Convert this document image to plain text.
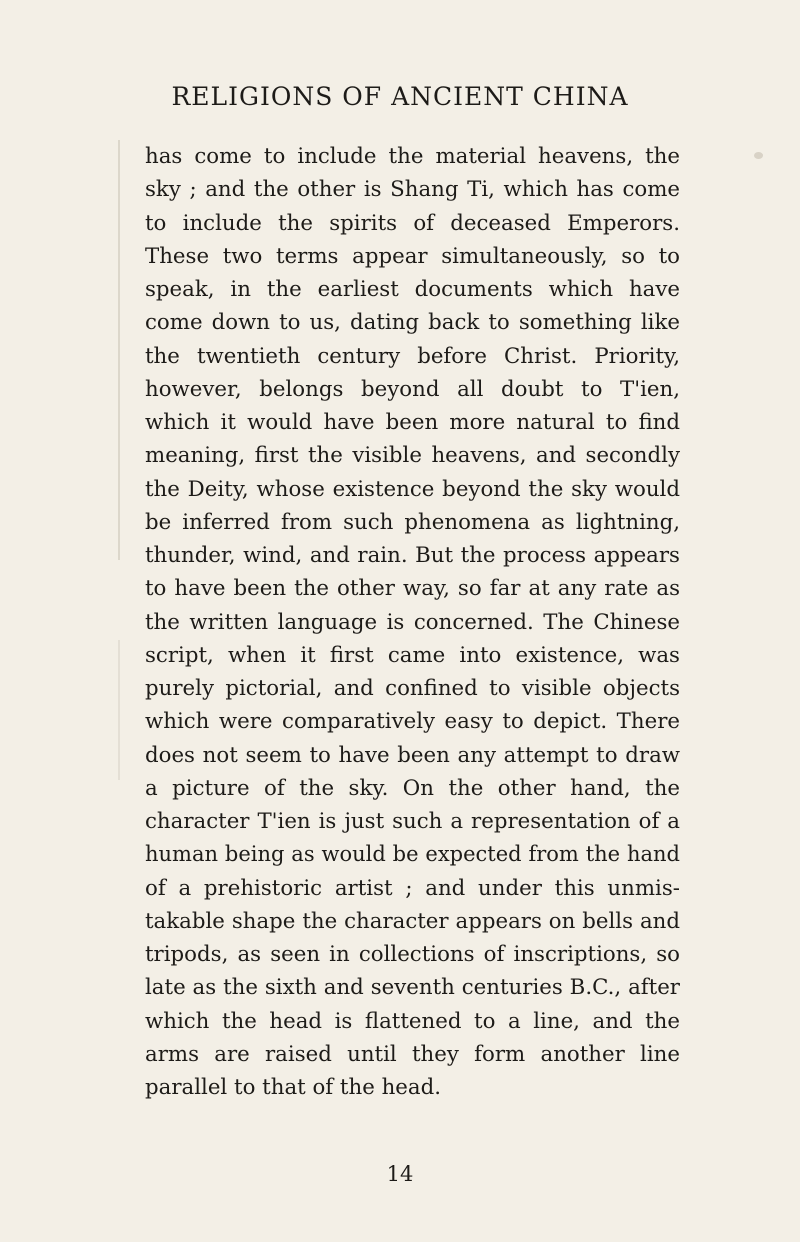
RELIGIONS OF ANCIENT CHINA
has come to include the material heavens, the
sky ; and the other is Shang Ti, which has come
to include the spirits of deceased Emperors.
These two terms appear simultaneously, so to
speak, in the earliest documents which have
come down to us, dating back to something like
the twentieth century before Christ. Priority,
however, belongs beyond all doubt to T'ien,
which it would have been more natural to find
meaning, first the visible heavens, and secondly
the Deity, whose existence beyond the sky would
be inferred from such phenomena as lightning,
thunder, wind, and rain. But the process appears
to have been the other way, so far at any rate as
the written language is concerned. The Chinese
script, when it first came into existence, was
purely pictorial, and confined to visible objects
which were comparatively easy to depict. There
does not seem to have been any attempt to draw
a picture of the sky. On the other hand, the
character T'ien is just such a representation of a
human being as would be expected from the hand
of a prehistoric artist ; and under this unmis-
takable shape the character appears on bells and
tripods, as seen in collections of inscriptions, so
late as the sixth and seventh centuries B.C., after
which the head is flattened to a line, and the
arms are raised until they form another line
parallel to that of the head.
14
